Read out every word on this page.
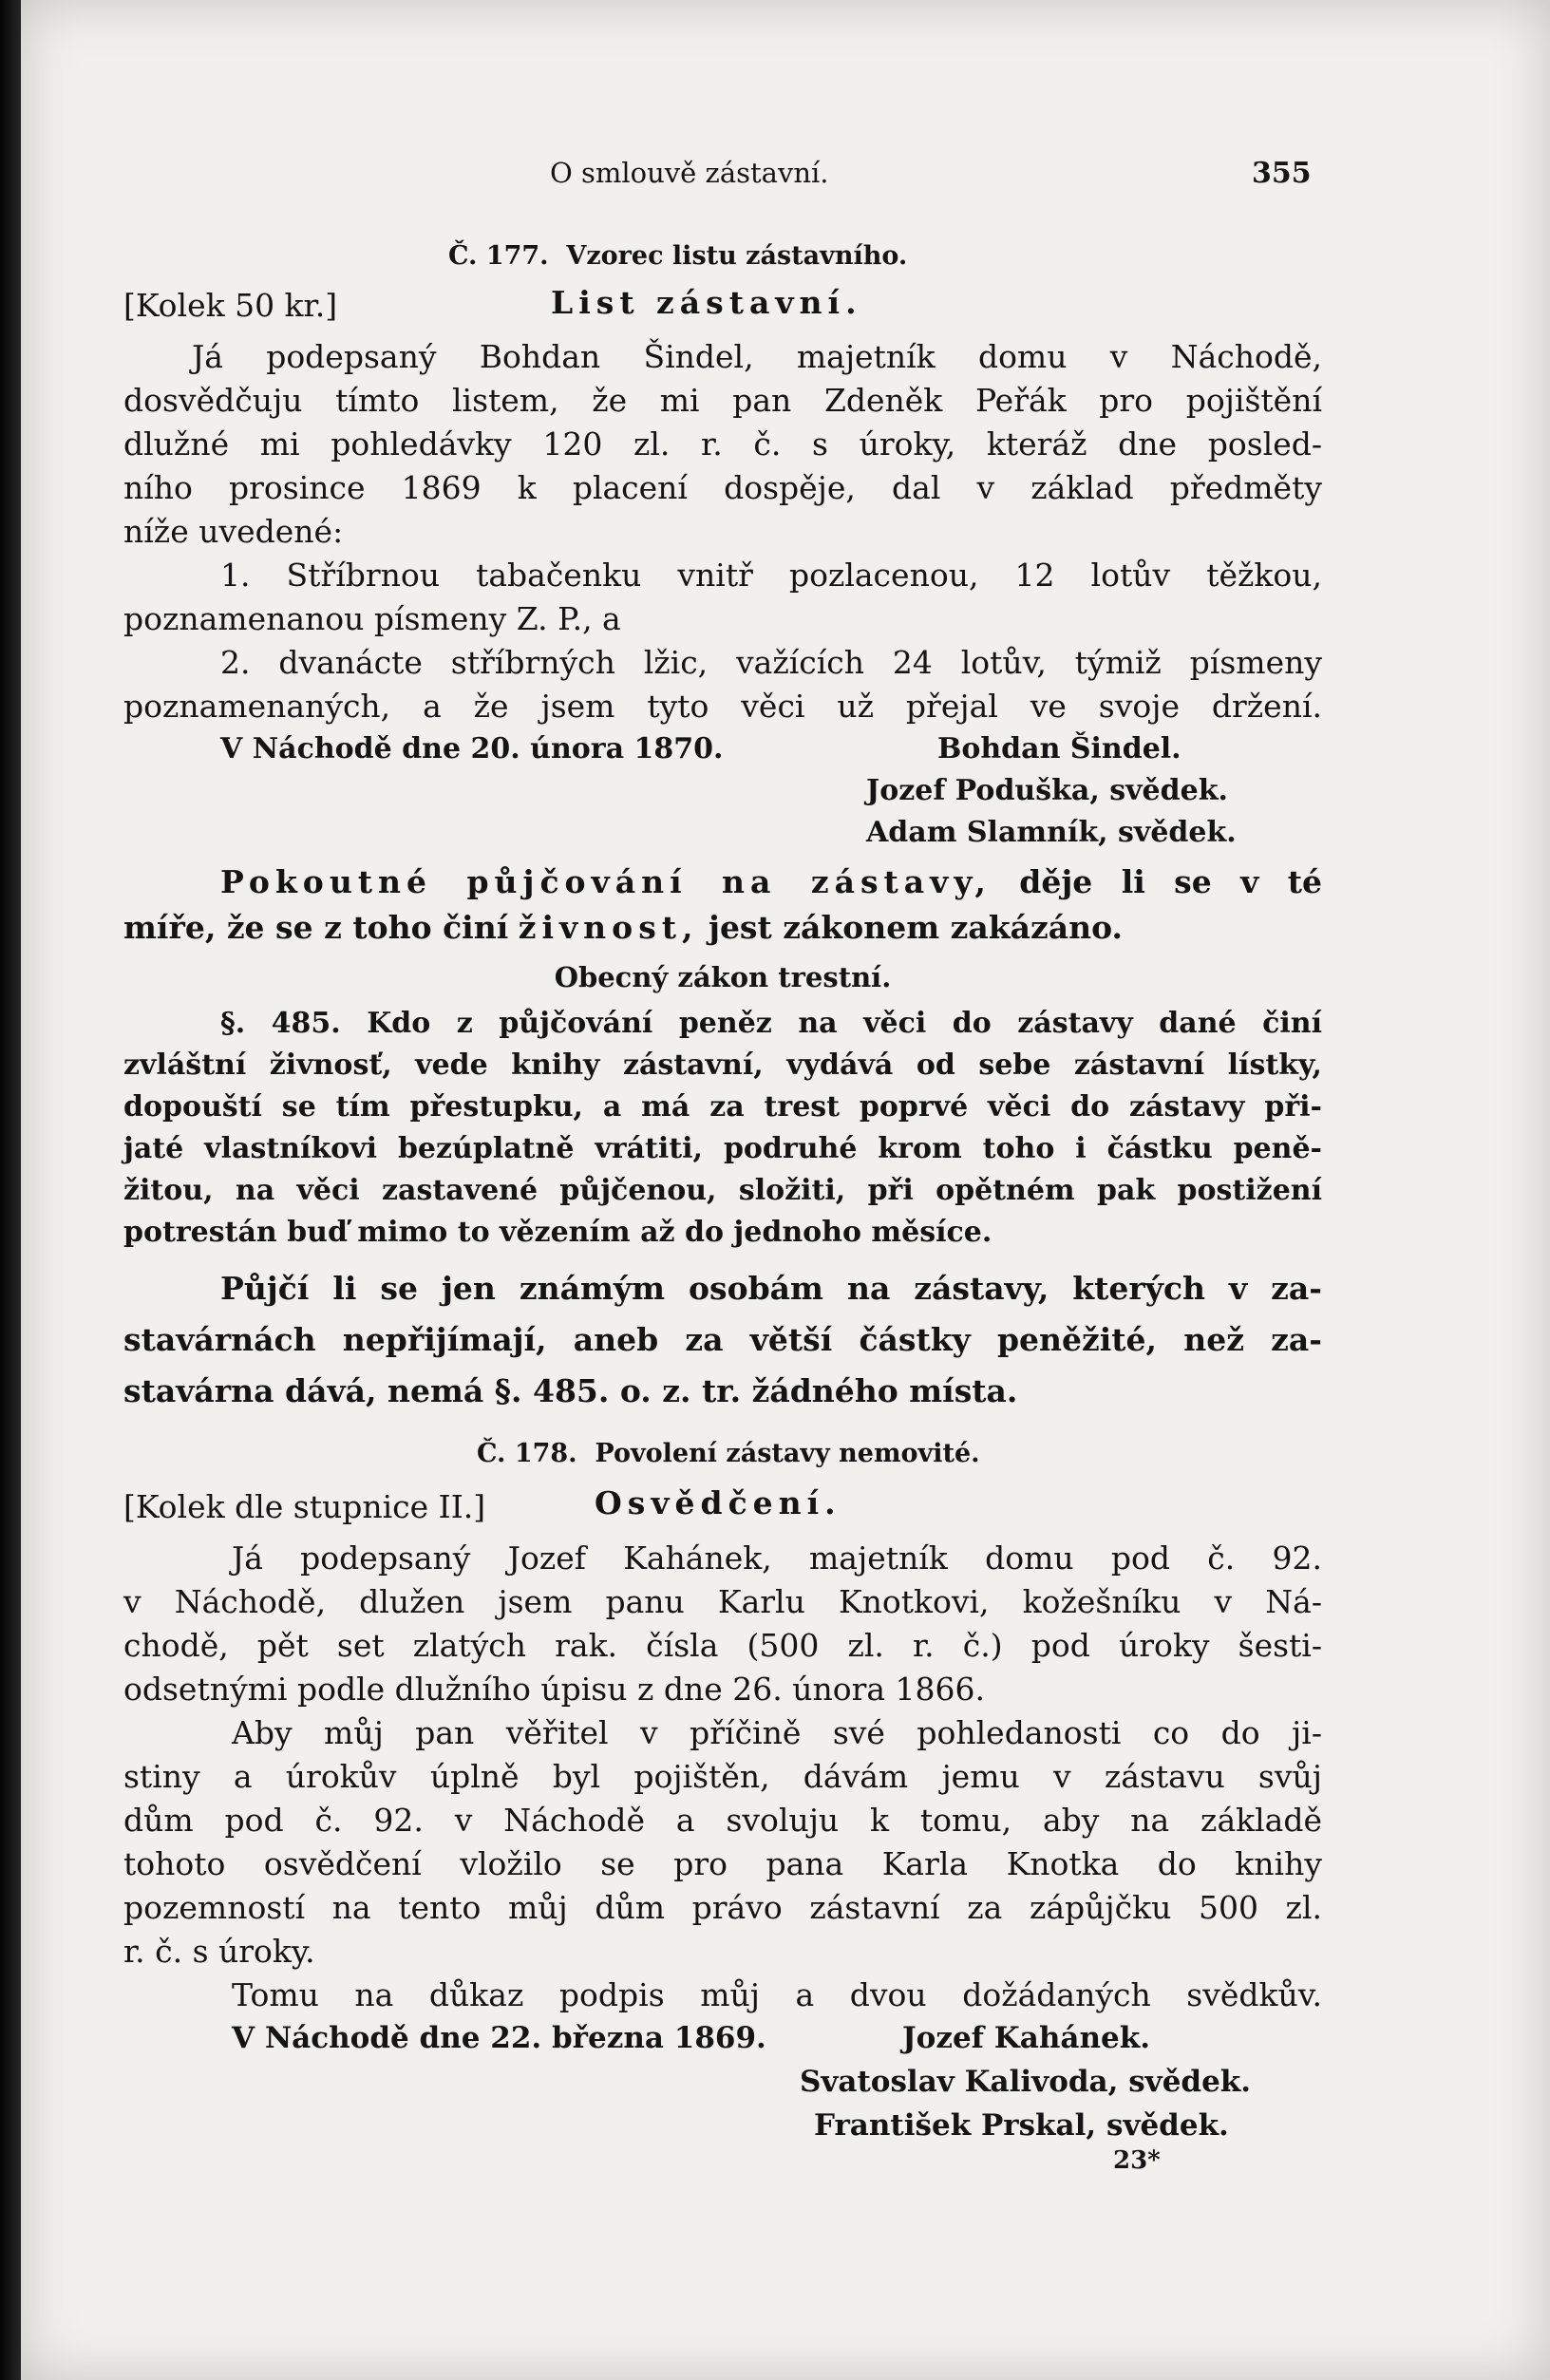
O smlouvě zástavní.	355
Č. 177. Vzorec listu zástavního.
[Kolek 50 kr.]	List zástavní.
Já podepsaný Bohdan Šindel, majetník domu v Náchodě,
dosvědčuju tímto listem, že mi pan Zdeněk Peřák pro pojištění
dlužné mi pohledávky 120 zl. r. č. s úroky, kteráž dne posled-
ního prosince 1869 k placení dospěje, dal v základ předměty
níže uvedené:
1. Stříbrnou tabačenku vnitř pozlacenou, 12 lotův těžkou,
poznamenanou písmeny Z. P., a
2. dvanácte stříbrných lžic, važících 24 lotův, týmiž písmeny
poznamenaných, a že jsem tyto věci už přejal ve svoje držení.
V Náchodě dne 20. února 1870.	Bohdan Šindel.
Jozef Poduška, svědek.
Adam Slamník, svědek.
Pokoutné půjčování na zástavy, děje li se v té
míře, že se z toho činí živnost, jest zákonem zakázáno.
Obecný zákon trestní.
§. 485. Kdo z půjčování peněz na věci do zástavy dané činí
zvláštní živnosť, vede knihy zástavní, vydává od sebe zástavní lístky,
dopouští se tím přestupku, a má za trest poprvé věci do zástavy při-
jaté vlastníkovi bezúplatně vrátiti, podruhé krom toho i částku peně-
žitou, na věci zastavené půjčenou, složiti, při opětném pak postižení
potrestán buď mimo to vězením až do jednoho měsíce.
Půjčí li se jen známým osobám na zástavy, kterých v za-
stavárnách nepřijímají, aneb za větší částky peněžité, než za-
stavárna dává, nemá §. 485. o. z. tr. žádného místa.
Č. 178. Povolení zástavy nemovité.
[Kolek dle stupnice II.]	Osvědčení.
Já podepsaný Jozef Kahánek, majetník domu pod č. 92.
v Náchodě, dlužen jsem panu Karlu Knotkovi, kožešníku v Ná-
chodě, pět set zlatých rak. čísla (500 zl. r. č.) pod úroky šesti-
odsetnými podle dlužního úpisu z dne 26. února 1866.
Aby můj pan věřitel v příčině své pohledanosti co do ji-
stiny a úrokův úplně byl pojištěn, dávám jemu v zástavu svůj
dům pod č. 92. v Náchodě a svoluju k tomu, aby na základě
tohoto osvědčení vložilo se pro pana Karla Knotka do knihy
pozemností na tento můj dům právo zástavní za zápůjčku 500 zl.
r. č. s úroky.
Tomu na důkaz podpis můj a dvou dožádaných svědkův.
V Náchodě dne 22. března 1869.	Jozef Kahánek.
Svatoslav Kalivoda, svědek.
František Prskal, svědek.
23*
